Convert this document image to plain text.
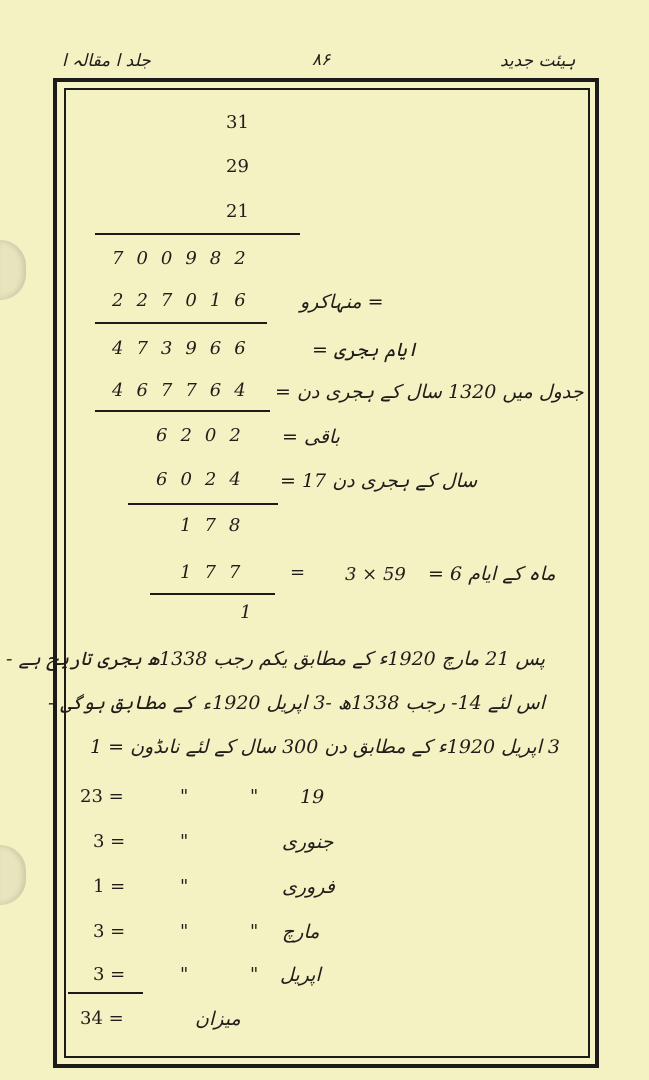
جلد ا مقالہ ا	۸۶	ہیئت جدید
31
29
21
700982
227016 منہاکرو =
473966	= ایام ہجری
467764 = جدول میں 1320 سال کے ہجری دن
6202 = باقی
6024 = 17 سال کے ہجری دن
178
177 = 3 × 59 = 6 ماہ کے ایام
1
پس 21 مارچ 1920ء کے مطابق یکم رجب 1338ھ ہجری تاریخ ہے -
اس لئے 14- رجب 1338ھ -3 اپریل 1920ء کے مطابق ہوگی -
3 اپریل 1920ء کے مطابق دن 300 سال کے لئے ناںڈون = 1
23 =	"	" 19
3 =	"	جنوری
1 =	"	فروری
3 =	"	" مارچ
3 =	"	" اپریل
34 =	میزان
